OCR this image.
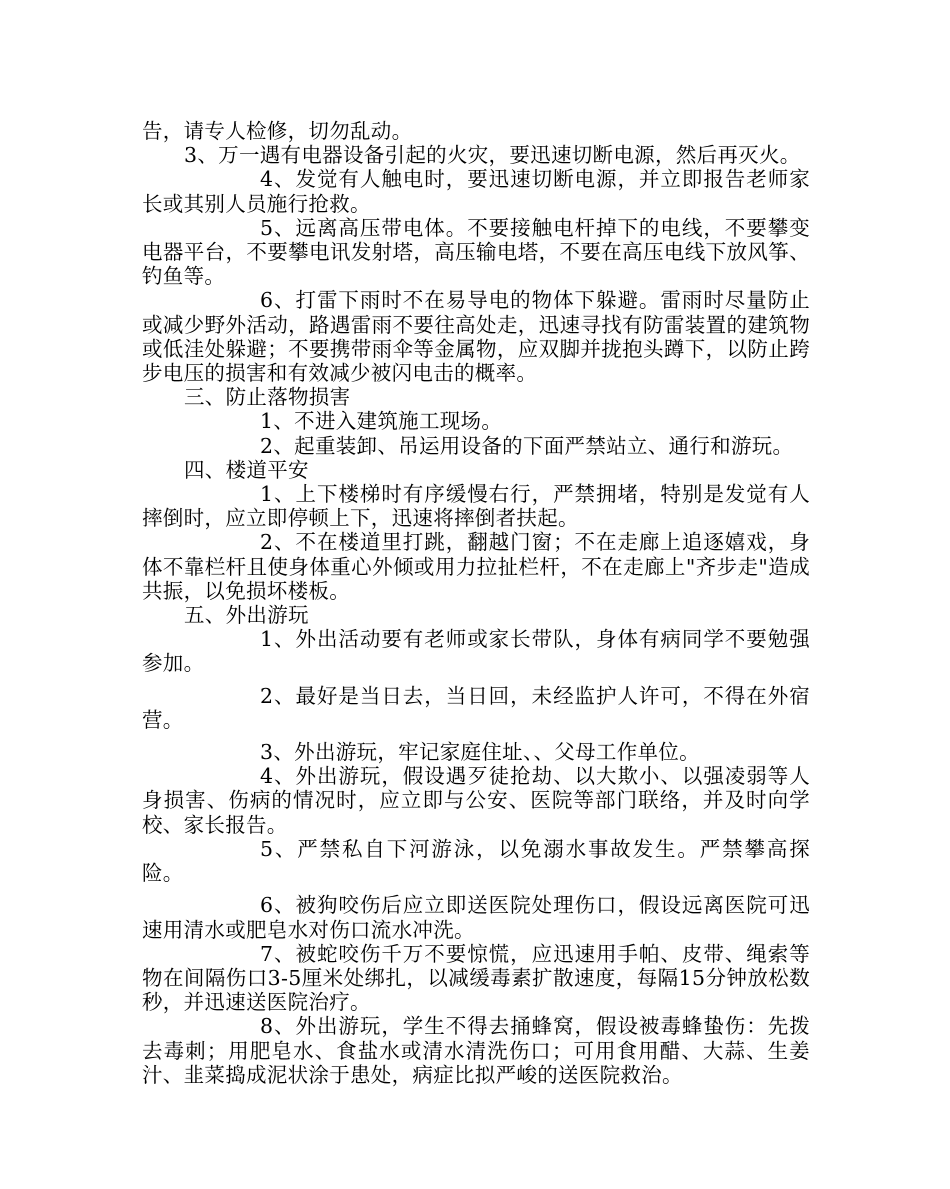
告，请专人检修，切勿乱动。

3、万一遇有电器设备引起的火灾，要迅速切断电源，然后再灭火。

4、发觉有人触电时，要迅速切断电源，并立即报告老师家长或其别人员施行抢救。

5、远离高压带电体。不要接触电杆掉下的电线，不要攀变电器平台，不要攀电讯发射塔，高压输电塔，不要在高压电线下放风筝、钓鱼等。

6、打雷下雨时不在易导电的物体下躲避。雷雨时尽量防止或减少野外活动，路遇雷雨不要往高处走，迅速寻找有防雷装置的建筑物或低洼处躲避；不要携带雨伞等金属物，应双脚并拢抱头蹲下，以防止跨步电压的损害和有效减少被闪电击的概率。

三、防止落物损害

1、不进入建筑施工现场。

2、起重装卸、吊运用设备的下面严禁站立、通行和游玩。

四、楼道平安

1、上下楼梯时有序缓慢右行，严禁拥堵，特别是发觉有人摔倒时，应立即停顿上下，迅速将摔倒者扶起。

2、不在楼道里打跳，翻越门窗；不在走廊上追逐嬉戏，身体不靠栏杆且使身体重心外倾或用力拉扯栏杆，不在走廊上"齐步走"造成共振，以免损坏楼板。

五、外出游玩

1、外出活动要有老师或家长带队，身体有病同学不要勉强参加。

2、最好是当日去，当日回，未经监护人许可，不得在外宿营。

3、外出游玩，牢记家庭住址、、父母工作单位。

4、外出游玩，假设遇歹徒抢劫、以大欺小、以强凌弱等人身损害、伤病的情况时，应立即与公安、医院等部门联络，并及时向学校、家长报告。

5、严禁私自下河游泳，以免溺水事故发生。严禁攀高探险。

6、被狗咬伤后应立即送医院处理伤口，假设远离医院可迅速用清水或肥皂水对伤口流水冲洗。

7、被蛇咬伤千万不要惊慌，应迅速用手帕、皮带、绳索等物在间隔伤口3-5厘米处绑扎，以减缓毒素扩散速度，每隔15分钟放松数秒，并迅速送医院治疗。

8、外出游玩，学生不得去捅蜂窝，假设被毒蜂蛰伤：先拨去毒刺；用肥皂水、食盐水或清水清洗伤口；可用食用醋、大蒜、生姜汁、韭菜捣成泥状涂于患处，病症比拟严峻的送医院救治。
